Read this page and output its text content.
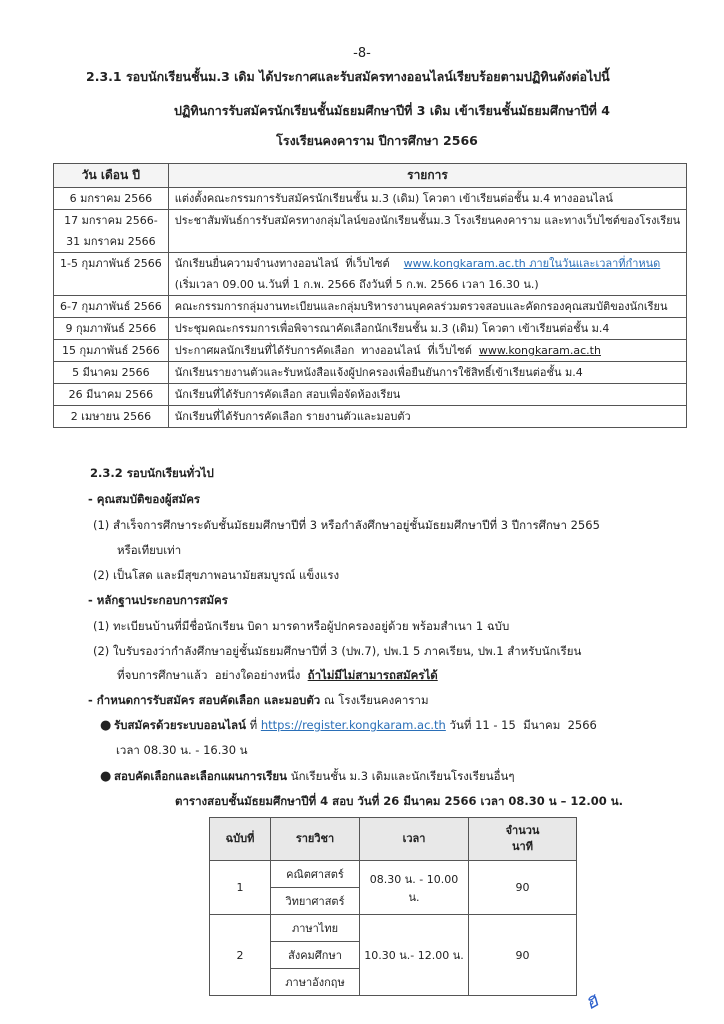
-8-
2.3.1 รอบนักเรียนชั้นม.3 เดิม ได้ประกาศและรับสมัครทางออนไลน์เรียบร้อยตามปฏิทินดังต่อไปนี้
ปฏิทินการรับสมัครนักเรียนชั้นมัธยมศึกษาปีที่ 3 เดิม เข้าเรียนชั้นมัธยมศึกษาปีที่ 4
โรงเรียนคงคาราม ปีการศึกษา 2566
วัน เดือน ปี	รายการ

6 มกราคม 2566	แต่งตั้งคณะกรรมการรับสมัครนักเรียนชั้น ม.3 (เดิม) โควตา เข้าเรียนต่อชั้น ม.4 ทางออนไลน์

17 มกราคม 2566-
31 มกราคม 2566	ประชาสัมพันธ์การรับสมัครทางกลุ่มไลน์ของนักเรียนชั้นม.3 โรงเรียนคงคาราม และทางเว็บไซต์ของโรงเรียน

1-5 กุมภาพันธ์ 2566	นักเรียนยื่นความจำนงทางออนไลน์  ที่เว็บไซต์    www.kongkaram.ac.th ภายในวันและเวลาที่กำหนด
(เริ่มเวลา 09.00 น.วันที่ 1 ก.พ. 2566 ถึงวันที่ 5 ก.พ. 2566 เวลา 16.30 น.)

6-7 กุมภาพันธ์ 2566	คณะกรรมการกลุ่มงานทะเบียนและกลุ่มบริหารงานบุคคลร่วมตรวจสอบและคัดกรองคุณสมบัติของนักเรียน

9 กุมภาพันธ์ 2566	ประชุมคณะกรรมการเพื่อพิจารณาคัดเลือกนักเรียนชั้น ม.3 (เดิม) โควตา เข้าเรียนต่อชั้น ม.4

15 กุมภาพันธ์ 2566	ประกาศผลนักเรียนที่ได้รับการคัดเลือก  ทางออนไลน์  ที่เว็บไซต์  www.kongkaram.ac.th

5 มีนาคม 2566	นักเรียนรายงานตัวและรับหนังสือแจ้งผู้ปกครองเพื่อยืนยันการใช้สิทธิ์เข้าเรียนต่อชั้น ม.4

26 มีนาคม 2566	นักเรียนที่ได้รับการคัดเลือก สอบเพื่อจัดห้องเรียน

2 เมษายน 2566	นักเรียนที่ได้รับการคัดเลือก รายงานตัวและมอบตัว
2.3.2 รอบนักเรียนทั่วไป
- คุณสมบัติของผู้สมัคร
(1) สำเร็จการศึกษาระดับชั้นมัธยมศึกษาปีที่ 3 หรือกำลังศึกษาอยู่ชั้นมัธยมศึกษาปีที่ 3 ปีการศึกษา 2565
หรือเทียบเท่า
(2) เป็นโสด และมีสุขภาพอนามัยสมบูรณ์ แข็งแรง
- หลักฐานประกอบการสมัคร
(1) ทะเบียนบ้านที่มีชื่อนักเรียน บิดา มารดาหรือผู้ปกครองอยู่ด้วย พร้อมสำเนา 1 ฉบับ
(2) ใบรับรองว่ากำลังศึกษาอยู่ชั้นมัธยมศึกษาปีที่ 3 (ปพ.7), ปพ.1 5 ภาคเรียน, ปพ.1 สำหรับนักเรียน
ที่จบการศึกษาแล้ว  อย่างใดอย่างหนึ่ง  ถ้าไม่มีไม่สามารถสมัครได้
- กำหนดการรับสมัคร สอบคัดเลือก และมอบตัว ณ โรงเรียนคงคาราม
● รับสมัครด้วยระบบออนไลน์ ที่ https://register.kongkaram.ac.th วันที่ 11 - 15  มีนาคม  2566
เวลา 08.30 น. - 16.30 น
● สอบคัดเลือกและเลือกแผนการเรียน นักเรียนชั้น ม.3 เดิมและนักเรียนโรงเรียนอื่นๆ
ตารางสอบชั้นมัธยมศึกษาปีที่ 4 สอบ วันที่ 26 มีนาคม 2566 เวลา 08.30 น – 12.00 น.
ฉบับที่	รายวิชา	เวลา	จำนวน
นาที

1	คณิตศาสตร์	08.30 น. - 10.00 น.	90
	วิทยาศาสตร์		
2	ภาษาไทย	10.30 น.- 12.00 น.	90
	สังคมศึกษา		
	ภาษาอังกฤษ		
ฮ
